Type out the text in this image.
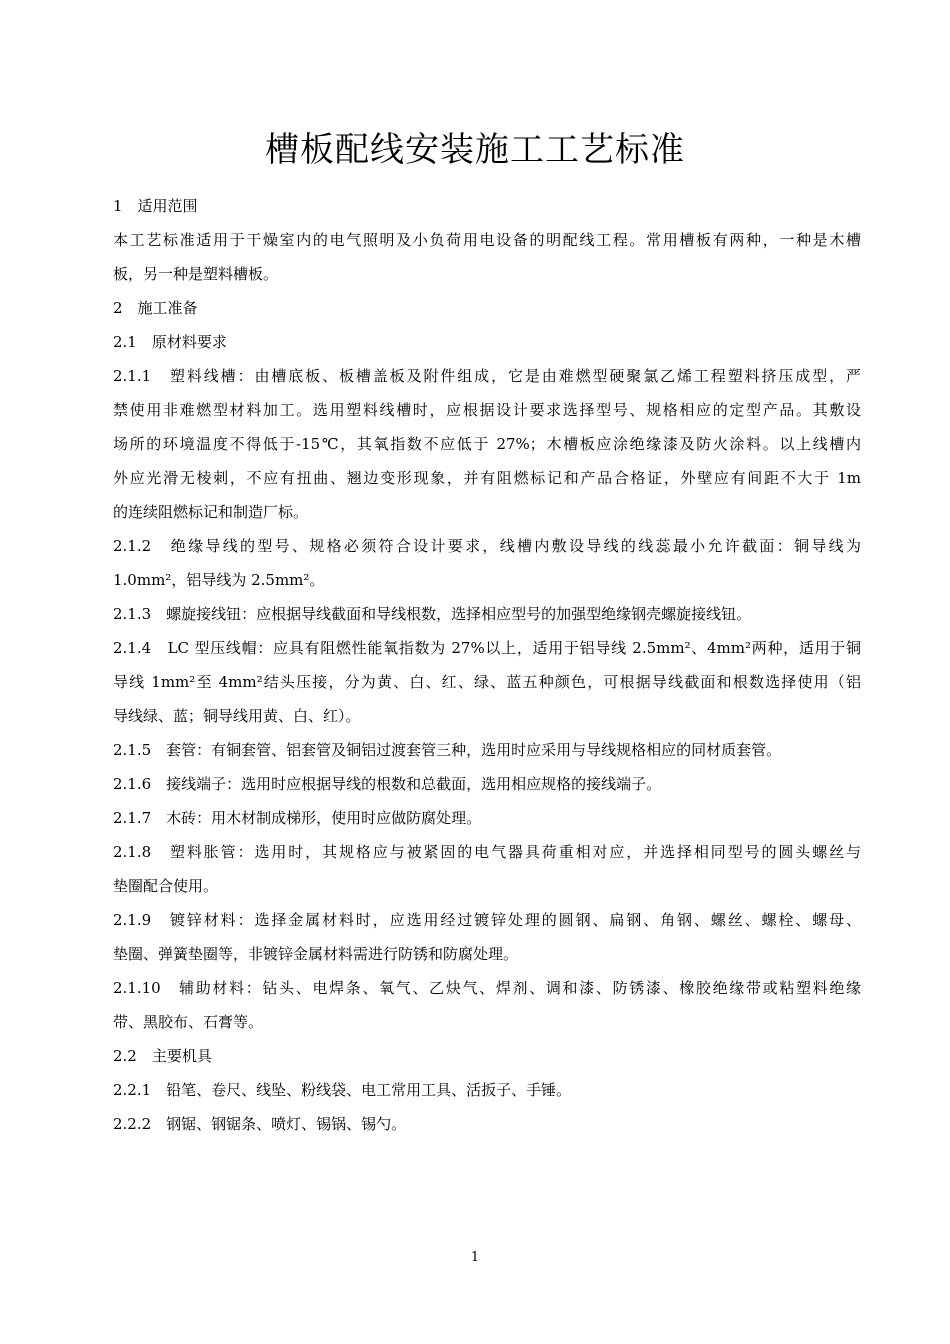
槽板配线安装施工工艺标准

1　适用范围

本工艺标准适用于干燥室内的电气照明及小负荷用电设备的明配线工程。常用槽板有两种，一种是木槽

板，另一种是塑料槽板。

2　施工准备

2.1　原材料要求

2.1.1　塑料线槽：由槽底板、板槽盖板及附件组成，它是由难燃型硬聚氯乙烯工程塑料挤压成型，严

禁使用非难燃型材料加工。选用塑料线槽时，应根据设计要求选择型号、规格相应的定型产品。其敷设

场所的环境温度不得低于-15℃，其氧指数不应低于 27%；木槽板应涂绝缘漆及防火涂料。以上线槽内

外应光滑无棱刺，不应有扭曲、翘边变形现象，并有阻燃标记和产品合格证，外壁应有间距不大于 1m

的连续阻燃标记和制造厂标。

2.1.2　绝缘导线的型号、规格必须符合设计要求，线槽内敷设导线的线蕊最小允许截面：铜导线为

1.0mm²，铝导线为 2.5mm²。

2.1.3　螺旋接线钮：应根据导线截面和导线根数，选择相应型号的加强型绝缘钢壳螺旋接线钮。

2.1.4　LC 型压线帽：应具有阻燃性能氧指数为 27%以上，适用于铝导线 2.5mm²、4mm²两种，适用于铜

导线 1mm²至 4mm²结头压接，分为黄、白、红、绿、蓝五种颜色，可根据导线截面和根数选择使用（铝

导线绿、蓝；铜导线用黄、白、红）。

2.1.5　套管：有铜套管、铝套管及铜铝过渡套管三种，选用时应采用与导线规格相应的同材质套管。

2.1.6　接线端子：选用时应根据导线的根数和总截面，选用相应规格的接线端子。

2.1.7　木砖：用木材制成梯形，使用时应做防腐处理。

2.1.8　塑料胀管：选用时，其规格应与被紧固的电气器具荷重相对应，并选择相同型号的圆头螺丝与

垫圈配合使用。

2.1.9　镀锌材料：选择金属材料时，应选用经过镀锌处理的圆钢、扁钢、角钢、螺丝、螺栓、螺母、

垫圈、弹簧垫圈等，非镀锌金属材料需进行防锈和防腐处理。

2.1.10　辅助材料：钻头、电焊条、氧气、乙炔气、焊剂、调和漆、防锈漆、橡胶绝缘带或粘塑料绝缘

带、黑胶布、石膏等。

2.2　主要机具

2.2.1　铅笔、卷尺、线坠、粉线袋、电工常用工具、活扳子、手锤。

2.2.2　钢锯、钢锯条、喷灯、锡锅、锡勺。

1
